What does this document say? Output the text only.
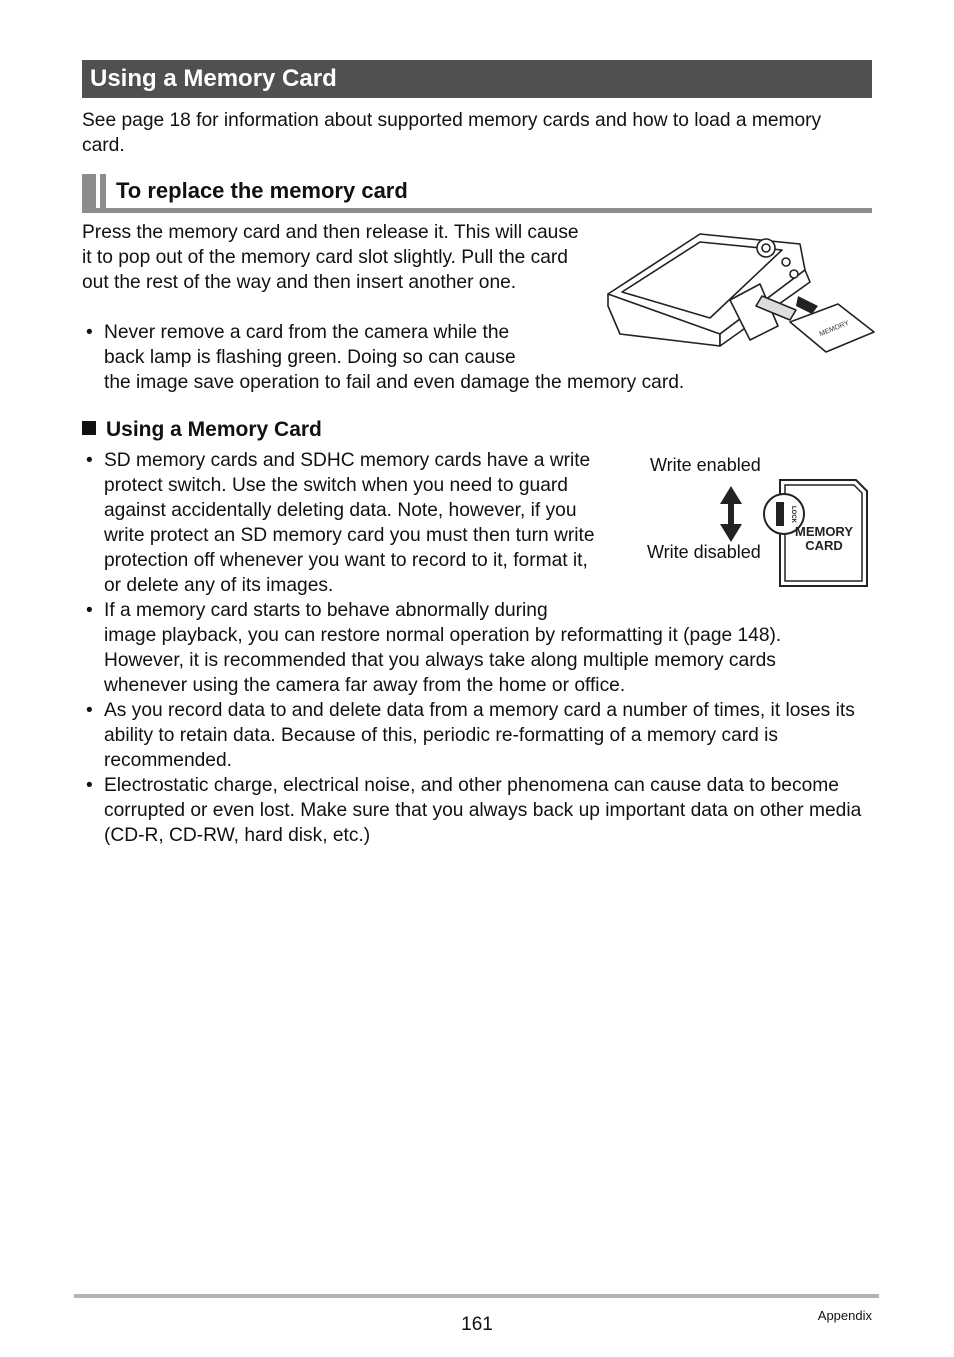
Using a Memory Card
See page 18 for information about supported memory cards and how to load a memory card.
To replace the memory card
Press the memory card and then release it. This will cause it to pop out of the memory card slot slightly. Pull the card out the rest of the way and then insert another one.
• Never remove a card from the camera while the
back lamp is flashing green. Doing so can cause
the image save operation to fail and even damage the memory card.
MEMORY
Using a Memory Card
• SD memory cards and SDHC memory cards have a write protect switch. Use the switch when you need to guard against accidentally deleting data. Note, however, if you write protect an SD memory card you must then turn write protection off whenever you want to record to it, format it, or delete any of its images.
Write enabled
Write disabled
LOCK
MEMORY
CARD
• If a memory card starts to behave abnormally during
image playback, you can restore normal operation by reformatting it (page 148). However, it is recommended that you always take along multiple memory cards whenever using the camera far away from the home or office.
• As you record data to and delete data from a memory card a number of times, it loses its ability to retain data. Because of this, periodic re-formatting of a memory card is recommended.
• Electrostatic charge, electrical noise, and other phenomena can cause data to become corrupted or even lost. Make sure that you always back up important data on other media (CD-R, CD-RW, hard disk, etc.)
161	Appendix
